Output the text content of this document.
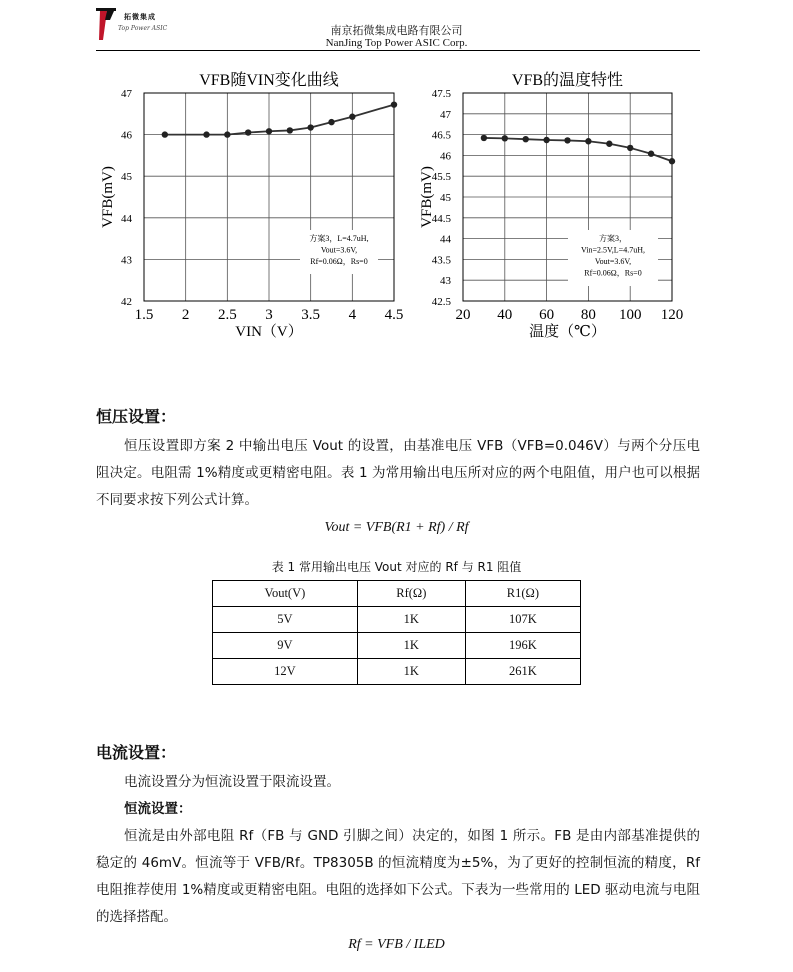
拓微集成
Top Power ASIC	南京拓微集成电路有限公司
NanJing Top Power ASIC Corp.
42
43
44
45
46
47
1.5 2 2.5 3 3.5 4 4.5
VFB随VIN变化曲线
VIN（V）
VFB(mV)
方案3，L=4.7uH,
Vout=3.6V,
Rf=0.06Ω，Rs=0
42.5
43
43.5
44
44.5
45
45.5
46
46.5
47
47.5
20 40 60 80 100 120
VFB的温度特性
温度（℃）
VFB(mV)
方案3，
Vin=2.5V,L=4.7uH,
Vout=3.6V,
Rf=0.06Ω，Rs=0
恒压设置：

恒压设置即方案 2 中输出电压 Vout 的设置，由基准电压 VFB（VFB=0.046V）与两个分压电阻决定。电阻需 1%精度或更精密电阻。表 1 为常用输出电压所对应的两个电阻值，用户也可以根据不同要求按下列公式计算。

Vout = VFB(R1 + Rf) / Rf
表 1 常用输出电压 Vout 对应的 Rf 与 R1 阻值
Vout(V)	Rf(Ω)	R1(Ω)
5V	1K	107K
9V	1K	196K
12V	1K	261K
电流设置：

电流设置分为恒流设置于限流设置。

恒流设置：

恒流是由外部电阻 Rf（FB 与 GND 引脚之间）决定的，如图 1 所示。FB 是由内部基准提供的稳定的 46mV。恒流等于 VFB/Rf。TP8305B 的恒流精度为±5%，为了更好的控制恒流的精度，Rf 电阻推荐使用 1%精度或更精密电阻。电阻的选择如下公式。下表为一些常用的 LED 驱动电流与电阻的选择搭配。

Rf = VFB / ILED
